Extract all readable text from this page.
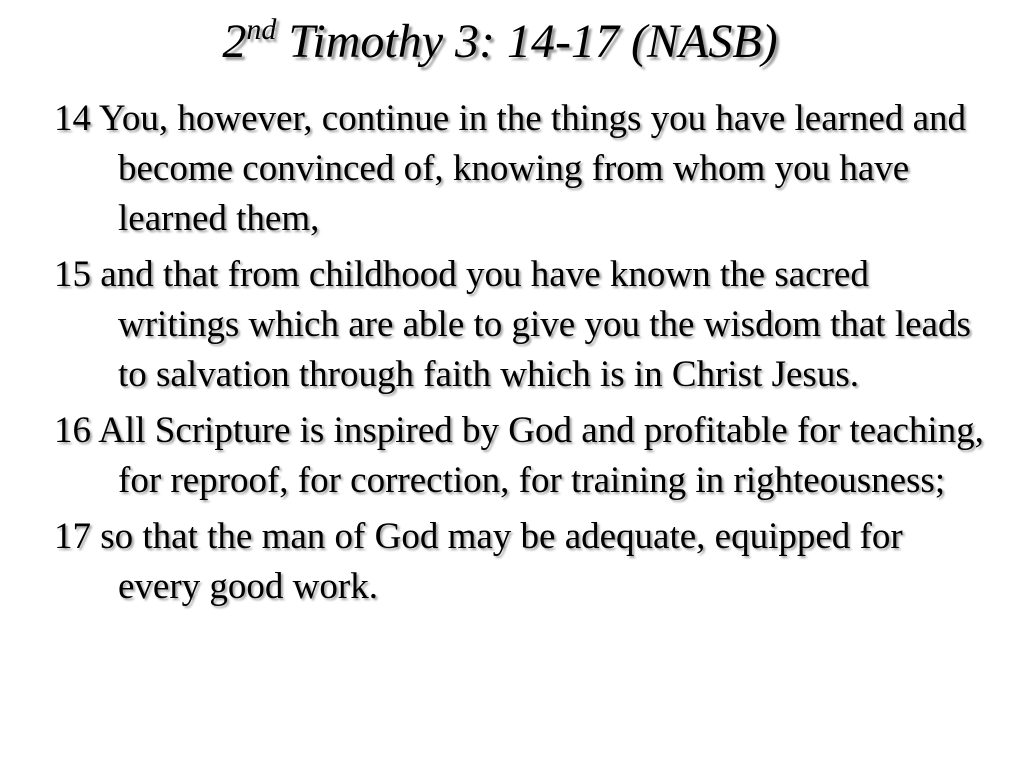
2nd Timothy 3: 14-17 (NASB)

14 You, however, continue in the things you have learned and become convinced of, knowing from whom you have learned them,

15 and that from childhood you have known the sacred writings which are able to give you the wisdom that leads to salvation through faith which is in Christ Jesus.

16 All Scripture is inspired by God and profitable for teaching, for reproof, for correction, for training in righteousness;

17 so that the man of God may be adequate, equipped for every good work.
